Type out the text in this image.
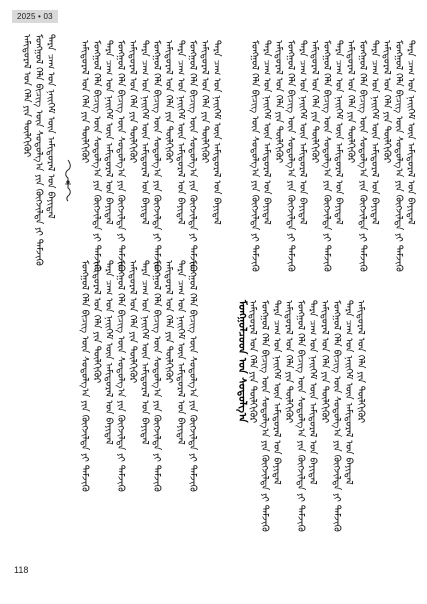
2025 • 03
ᠠᠮᠢᠳᠤᠷᠠᠯ ᠤᠨ ᠬᠡᠯᠡ ᠶᠢᠨ ᠲᠦᠯᠬᠢᠭᠦᠷ ᠮᠣᠩᠭᠣᠯ ᠬᠡᠯᠡ ᠪᠢᠴᠢᠭ ᠦᠨ ᠰᠤᠳᠤᠯᠭ᠎ᠠ ᠶᠢᠨ ᠬᠥᠭᠵᠢᠯᠲᠡ ᠶᠢ ᠳᠡᠮᠵᠢᠬᠦ ᠲᠡᠷᠡ ᠴᠠᠭ ᠤᠨ ᠨᠡᠢᠭᠡᠮ ᠦᠨ ᠠᠮᠢᠳᠤᠷᠠᠯ ᠤᠨ ᠪᠠᠶᠢᠳᠠᠯ ᠠᠮᠢᠳᠤᠷᠠᠯ ᠤᠨ ᠬᠡᠯᠡ ᠶᠢᠨ ᠲᠦᠯᠬᠢᠭᠦᠷ ᠮᠣᠩᠭᠣᠯ ᠬᠡᠯᠡ ᠪᠢᠴᠢᠭ ᠦᠨ ᠰᠤᠳᠤᠯᠭ᠎ᠠ ᠶᠢᠨ ᠬᠥᠭᠵᠢᠯᠲᠡ ᠶᠢ ᠳᠡᠮᠵᠢᠬᠦ ᠲᠡᠷᠡ ᠴᠠᠭ ᠤᠨ ᠨᠡᠢᠭᠡᠮ ᠦᠨ ᠠᠮᠢᠳᠤᠷᠠᠯ ᠤᠨ ᠪᠠᠶᠢᠳᠠᠯ ᠮᠣᠩᠭᠣᠯ ᠬᠡᠯᠡ ᠪᠢᠴᠢᠭ ᠦᠨ ᠰᠤᠳᠤᠯᠭ᠎ᠠ ᠶᠢᠨ ᠬᠥᠭᠵᠢᠯᠲᠡ ᠶᠢ ᠳᠡᠮᠵᠢᠬᠦ ᠠᠮᠢᠳᠤᠷᠠᠯ ᠤᠨ ᠬᠡᠯᠡ ᠶᠢᠨ ᠲᠦᠯᠬᠢᠭᠦᠷ ᠲᠡᠷᠡ ᠴᠠᠭ ᠤᠨ ᠨᠡᠢᠭᠡᠮ ᠦᠨ ᠠᠮᠢᠳᠤᠷᠠᠯ ᠤᠨ ᠪᠠᠶᠢᠳᠠᠯ ᠮᠣᠩᠭᠣᠯ ᠬᠡᠯᠡ ᠪᠢᠴᠢᠭ ᠦᠨ ᠰᠤᠳᠤᠯᠭ᠎ᠠ ᠶᠢᠨ ᠬᠥᠭᠵᠢᠯᠲᠡ ᠶᠢ ᠳᠡᠮᠵᠢᠬᠦ ᠠᠮᠢᠳᠤᠷᠠᠯ ᠤᠨ ᠬᠡᠯᠡ ᠶᠢᠨ ᠲᠦᠯᠬᠢᠭᠦᠷ ᠲᠡᠷᠡ ᠴᠠᠭ ᠤᠨ ᠨᠡᠢᠭᠡᠮ ᠦᠨ ᠠᠮᠢᠳᠤᠷᠠᠯ ᠤᠨ ᠪᠠᠶᠢᠳᠠᠯ ᠮᠣᠩᠭᠣᠯ ᠬᠡᠯᠡ ᠪᠢᠴᠢᠭ ᠦᠨ ᠰᠤᠳᠤᠯᠭ᠎ᠠ ᠶᠢᠨ ᠬᠥᠭᠵᠢᠯᠲᠡ ᠶᠢ ᠳᠡᠮᠵᠢᠬᠦ ᠠᠮᠢᠳᠤᠷᠠᠯ ᠤᠨ ᠬᠡᠯᠡ ᠶᠢᠨ ᠲᠦᠯᠬᠢᠭᠦᠷ ᠲᠡᠷᠡ ᠴᠠᠭ ᠤᠨ ᠨᠡᠢᠭᠡᠮ ᠦᠨ ᠠᠮᠢᠳᠤᠷᠠᠯ ᠤᠨ ᠪᠠᠶᠢᠳᠠᠯ
ᠮᠣᠩᠭᠣᠯ ᠬᠡᠯᠡ ᠪᠢᠴᠢᠭ ᠦᠨ ᠰᠤᠳᠤᠯᠭ᠎ᠠ ᠶᠢᠨ ᠬᠥᠭᠵᠢᠯᠲᠡ ᠶᠢ ᠳᠡᠮᠵᠢᠬᠦ ᠠᠮᠢᠳᠤᠷᠠᠯ ᠤᠨ ᠬᠡᠯᠡ ᠶᠢᠨ ᠲᠦᠯᠬᠢᠭᠦᠷ ᠲᠡᠷᠡ ᠴᠠᠭ ᠤᠨ ᠨᠡᠢᠭᠡᠮ ᠦᠨ ᠠᠮᠢᠳᠤᠷᠠᠯ ᠤᠨ ᠪᠠᠶᠢᠳᠠᠯ ᠮᠣᠩᠭᠣᠯ ᠬᠡᠯᠡ ᠪᠢᠴᠢᠭ ᠦᠨ ᠰᠤᠳᠤᠯᠭ᠎ᠠ ᠶᠢᠨ ᠬᠥᠭᠵᠢᠯᠲᠡ ᠶᠢ ᠳᠡᠮᠵᠢᠬᠦ ᠠᠮᠢᠳᠤᠷᠠᠯ ᠤᠨ ᠬᠡᠯᠡ ᠶᠢᠨ ᠲᠦᠯᠬᠢᠭᠦᠷ ᠲᠡᠷᠡ ᠴᠠᠭ ᠤᠨ ᠨᠡᠢᠭᠡᠮ ᠦᠨ ᠠᠮᠢᠳᠤᠷᠠᠯ ᠤᠨ ᠪᠠᠶᠢᠳᠠᠯ ᠮᠣᠩᠭᠣᠯ ᠬᠡᠯᠡ ᠪᠢᠴᠢᠭ ᠦᠨ ᠰᠤᠳᠤᠯᠭ᠎ᠠ ᠶᠢᠨ ᠬᠥᠭᠵᠢᠯᠲᠡ ᠶᠢ ᠳᠡᠮᠵᠢᠬᠦ ᠠᠮᠢᠳᠤᠷᠠᠯ ᠤᠨ ᠬᠡᠯᠡ ᠶᠢᠨ ᠲᠦᠯᠬᠢᠭᠦᠷ ᠲᠡᠷᠡ ᠴᠠᠭ ᠤᠨ ᠨᠡᠢᠭᠡᠮ ᠦᠨ ᠠᠮᠢᠳᠤᠷᠠᠯ ᠤᠨ ᠪᠠᠶᠢᠳᠠᠯ ᠮᠣᠩᠭᠣᠯ ᠬᠡᠯᠡ ᠪᠢᠴᠢᠭ ᠦᠨ ᠰᠤᠳᠤᠯᠭ᠎ᠠ ᠶᠢᠨ ᠬᠥᠭᠵᠢᠯᠲᠡ ᠶᠢ ᠳᠡᠮᠵᠢᠬᠦ	ᠠᠮᠢᠳᠤᠷᠠᠯ ᠤᠨ ᠬᠡᠯᠡ ᠶᠢᠨ ᠲᠦᠯᠬᠢᠭᠦᠷ ᠮᠣᠩᠭᠣᠯ ᠬᠡᠯᠡ ᠪᠢᠴᠢᠭ ᠦᠨ ᠰᠤᠳᠤᠯᠭ᠎ᠠ ᠶᠢᠨ ᠬᠥᠭᠵᠢᠯᠲᠡ ᠶᠢ ᠳᠡᠮᠵᠢᠬᠦ ᠲᠡᠷᠡ ᠴᠠᠭ ᠤᠨ ᠨᠡᠢᠭᠡᠮ ᠦᠨ ᠠᠮᠢᠳᠤᠷᠠᠯ ᠤᠨ ᠪᠠᠶᠢᠳᠠᠯ ᠠᠮᠢᠳᠤᠷᠠᠯ ᠤᠨ ᠬᠡᠯᠡ ᠶᠢᠨ ᠲᠦᠯᠬᠢᠭᠦᠷ ᠮᠣᠩᠭᠣᠯ ᠬᠡᠯᠡ ᠪᠢᠴᠢᠭ ᠦᠨ ᠰᠤᠳᠤᠯᠭ᠎ᠠ ᠶᠢᠨ ᠬᠥᠭᠵᠢᠯᠲᠡ ᠶᠢ ᠳᠡᠮᠵᠢᠬᠦ ᠲᠡᠷᠡ ᠴᠠᠭ ᠤᠨ ᠨᠡᠢᠭᠡᠮ ᠦᠨ ᠠᠮᠢᠳᠤᠷᠠᠯ ᠤᠨ ᠪᠠᠶᠢᠳᠠᠯ ᠠᠮᠢᠳᠤᠷᠠᠯ ᠤᠨ ᠬᠡᠯᠡ ᠶᠢᠨ ᠲᠦᠯᠬᠢᠭᠦᠷ ᠮᠣᠩᠭᠣᠯ ᠬᠡᠯᠡ ᠪᠢᠴᠢᠭ ᠦᠨ ᠰᠤᠳᠤᠯᠭ᠎ᠠ ᠶᠢᠨ ᠬᠥᠭᠵᠢᠯᠲᠡ ᠶᠢ ᠳᠡᠮᠵᠢᠬᠦ ᠲᠡᠷᠡ ᠴᠠᠭ ᠤᠨ ᠨᠡᠢᠭᠡᠮ ᠦᠨ ᠠᠮᠢᠳᠤᠷᠠᠯ ᠤᠨ ᠪᠠᠶᠢᠳᠠᠯ ᠠᠮᠢᠳᠤᠷᠠᠯ ᠤᠨ ᠬᠡᠯᠡ ᠶᠢᠨ ᠲᠦᠯᠬᠢᠭᠦᠷ
ᠮᠣᠩᠭᠣᠯᠴᠤᠳ ᠤᠨ ᠰᠤᠳᠤᠯᠭ᠎ᠠ
ᠮᠣᠩᠭᠣᠯ ᠬᠡᠯᠡ ᠪᠢᠴᠢᠭ ᠦᠨ ᠰᠤᠳᠤᠯᠭ᠎ᠠ ᠶᠢᠨ ᠬᠥᠭᠵᠢᠯᠲᠡ ᠶᠢ ᠳᠡᠮᠵᠢᠬᠦ ᠲᠡᠷᠡ ᠴᠠᠭ ᠤᠨ ᠨᠡᠢᠭᠡᠮ ᠦᠨ ᠠᠮᠢᠳᠤᠷᠠᠯ ᠤᠨ ᠪᠠᠶᠢᠳᠠᠯ ᠠᠮᠢᠳᠤᠷᠠᠯ ᠤᠨ ᠬᠡᠯᠡ ᠶᠢᠨ ᠲᠦᠯᠬᠢᠭᠦᠷ ᠮᠣᠩᠭᠣᠯ ᠬᠡᠯᠡ ᠪᠢᠴᠢᠭ ᠦᠨ ᠰᠤᠳᠤᠯᠭ᠎ᠠ ᠶᠢᠨ ᠬᠥᠭᠵᠢᠯᠲᠡ ᠶᠢ ᠳᠡᠮᠵᠢᠬᠦ ᠲᠡᠷᠡ ᠴᠠᠭ ᠤᠨ ᠨᠡᠢᠭᠡᠮ ᠦᠨ ᠠᠮᠢᠳᠤᠷᠠᠯ ᠤᠨ ᠪᠠᠶᠢᠳᠠᠯ ᠠᠮᠢᠳᠤᠷᠠᠯ ᠤᠨ ᠬᠡᠯᠡ ᠶᠢᠨ ᠲᠦᠯᠬᠢᠭᠦᠷ ᠮᠣᠩᠭᠣᠯ ᠬᠡᠯᠡ ᠪᠢᠴᠢᠭ ᠦᠨ ᠰᠤᠳᠤᠯᠭ᠎ᠠ ᠶᠢᠨ ᠬᠥᠭᠵᠢᠯᠲᠡ ᠶᠢ ᠳᠡᠮᠵᠢᠬᠦ ᠲᠡᠷᠡ ᠴᠠᠭ ᠤᠨ ᠨᠡᠢᠭᠡᠮ ᠦᠨ ᠠᠮᠢᠳᠤᠷᠠᠯ ᠤᠨ ᠪᠠᠶᠢᠳᠠᠯ ᠠᠮᠢᠳᠤᠷᠠᠯ ᠤᠨ ᠬᠡᠯᠡ ᠶᠢᠨ ᠲᠦᠯᠬᠢᠭᠦᠷ ᠮᠣᠩᠭᠣᠯ ᠬᠡᠯᠡ ᠪᠢᠴᠢᠭ ᠦᠨ ᠰᠤᠳᠤᠯᠭ᠎ᠠ ᠶᠢᠨ ᠬᠥᠭᠵᠢᠯᠲᠡ ᠶᠢ ᠳᠡᠮᠵᠢᠬᠦ ᠲᠡᠷᠡ ᠴᠠᠭ ᠤᠨ ᠨᠡᠢᠭᠡᠮ ᠦᠨ ᠠᠮᠢᠳᠤᠷᠠᠯ ᠤᠨ ᠪᠠᠶᠢᠳᠠᠯ ᠠᠮᠢᠳᠤᠷᠠᠯ ᠤᠨ ᠬᠡᠯᠡ ᠶᠢᠨ ᠲᠦᠯᠬᠢᠭᠦᠷ ᠮᠣᠩᠭᠣᠯ ᠬᠡᠯᠡ ᠪᠢᠴᠢᠭ ᠦᠨ ᠰᠤᠳᠤᠯᠭ᠎ᠠ ᠶᠢᠨ ᠬᠥᠭᠵᠢᠯᠲᠡ ᠶᠢ ᠳᠡᠮᠵᠢᠬᠦ ᠲᠡᠷᠡ ᠴᠠᠭ ᠤᠨ ᠨᠡᠢᠭᠡᠮ ᠦᠨ ᠠᠮᠢᠳᠤᠷᠠᠯ ᠤᠨ ᠪᠠᠶᠢᠳᠠᠯ
118
